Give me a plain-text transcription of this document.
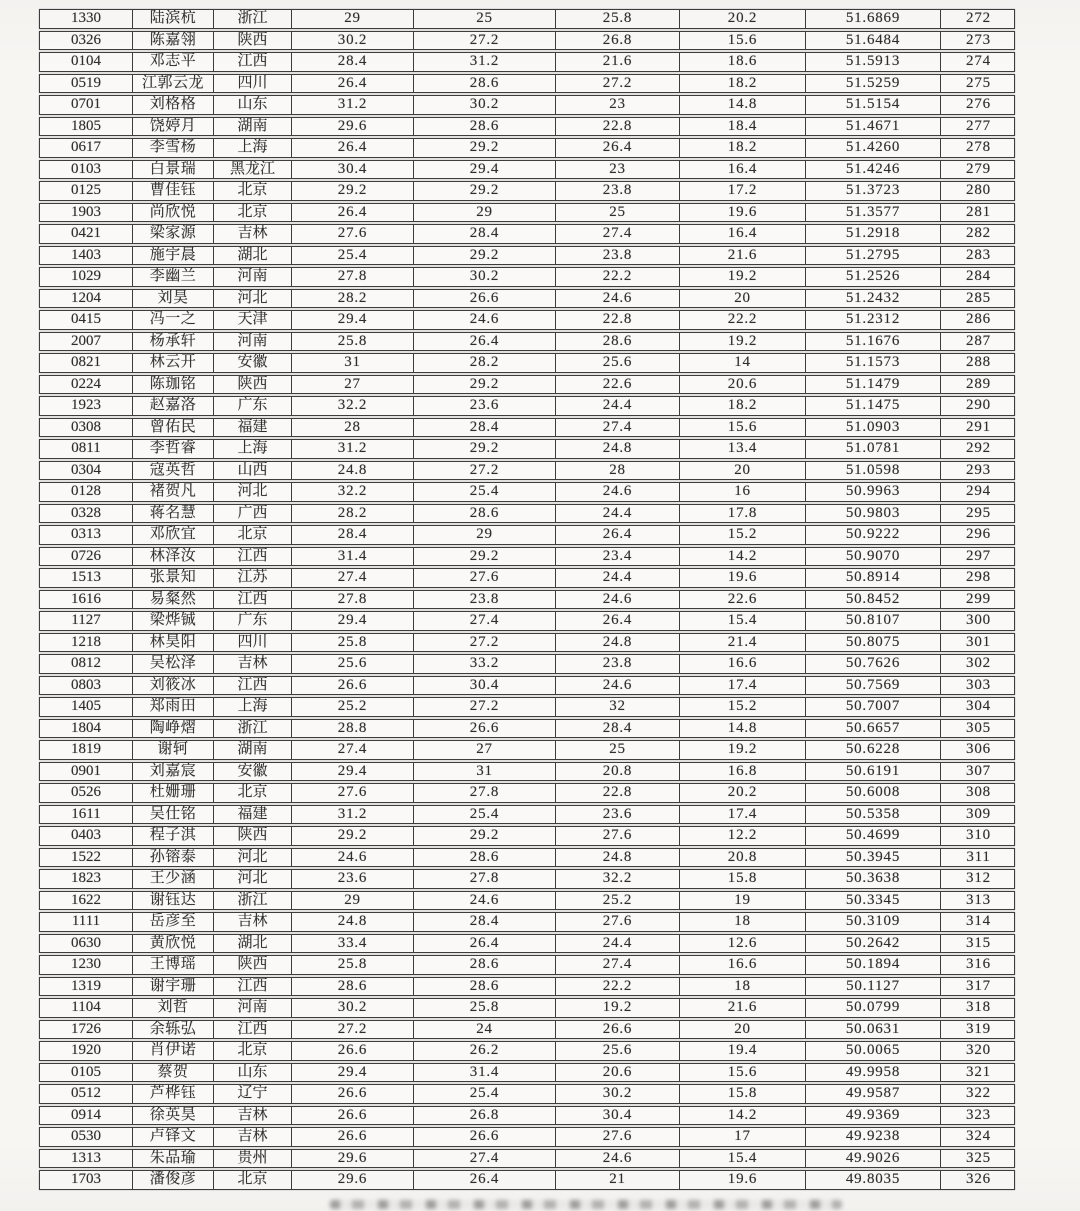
1330	陆滨杭	浙江	29	25	25.8	20.2	51.6869	272
0326	陈嘉翎	陕西	30.2	27.2	26.8	15.6	51.6484	273
0104	邓志平	江西	28.4	31.2	21.6	18.6	51.5913	274
0519	江郭云龙	四川	26.4	28.6	27.2	18.2	51.5259	275
0701	刘格格	山东	31.2	30.2	23	14.8	51.5154	276
1805	饶婷月	湖南	29.6	28.6	22.8	18.4	51.4671	277
0617	李雪杨	上海	26.4	29.2	26.4	18.2	51.4260	278
0103	白景瑞	黑龙江	30.4	29.4	23	16.4	51.4246	279
0125	曹佳钰	北京	29.2	29.2	23.8	17.2	51.3723	280
1903	尚欣悦	北京	26.4	29	25	19.6	51.3577	281
0421	梁家源	吉林	27.6	28.4	27.4	16.4	51.2918	282
1403	施宇晨	湖北	25.4	29.2	23.8	21.6	51.2795	283
1029	李幽兰	河南	27.8	30.2	22.2	19.2	51.2526	284
1204	刘昊	河北	28.2	26.6	24.6	20	51.2432	285
0415	冯一之	天津	29.4	24.6	22.8	22.2	51.2312	286
2007	杨承轩	河南	25.8	26.4	28.6	19.2	51.1676	287
0821	林云开	安徽	31	28.2	25.6	14	51.1573	288
0224	陈珈铭	陕西	27	29.2	22.6	20.6	51.1479	289
1923	赵嘉洛	广东	32.2	23.6	24.4	18.2	51.1475	290
0308	曾佑民	福建	28	28.4	27.4	15.6	51.0903	291
0811	李哲睿	上海	31.2	29.2	24.8	13.4	51.0781	292
0304	寇英哲	山西	24.8	27.2	28	20	51.0598	293
0128	褚贺凡	河北	32.2	25.4	24.6	16	50.9963	294
0328	蒋名慧	广西	28.2	28.6	24.4	17.8	50.9803	295
0313	邓欣宜	北京	28.4	29	26.4	15.2	50.9222	296
0726	林泽汝	江西	31.4	29.2	23.4	14.2	50.9070	297
1513	张景知	江苏	27.4	27.6	24.4	19.6	50.8914	298
1616	易粲然	江西	27.8	23.8	24.6	22.6	50.8452	299
1127	梁烨铖	广东	29.4	27.4	26.4	15.4	50.8107	300
1218	林昊阳	四川	25.8	27.2	24.8	21.4	50.8075	301
0812	吴松泽	吉林	25.6	33.2	23.8	16.6	50.7626	302
0803	刘筱冰	江西	26.6	30.4	24.6	17.4	50.7569	303
1405	郑雨田	上海	25.2	27.2	32	15.2	50.7007	304
1804	陶峥熠	浙江	28.8	26.6	28.4	14.8	50.6657	305
1819	谢轲	湖南	27.4	27	25	19.2	50.6228	306
0901	刘嘉宸	安徽	29.4	31	20.8	16.8	50.6191	307
0526	杜姗珊	北京	27.6	27.8	22.8	20.2	50.6008	308
1611	吴仕铭	福建	31.2	25.4	23.6	17.4	50.5358	309
0403	程子淇	陕西	29.2	29.2	27.6	12.2	50.4699	310
1522	孙镕泰	河北	24.6	28.6	24.8	20.8	50.3945	311
1823	王少涵	河北	23.6	27.8	32.2	15.8	50.3638	312
1622	谢钰达	浙江	29	24.6	25.2	19	50.3345	313
1111	岳彦至	吉林	24.8	28.4	27.6	18	50.3109	314
0630	黄欣悦	湖北	33.4	26.4	24.4	12.6	50.2642	315
1230	王博瑶	陕西	25.8	28.6	27.4	16.6	50.1894	316
1319	谢宇珊	江西	28.6	28.6	22.2	18	50.1127	317
1104	刘哲	河南	30.2	25.8	19.2	21.6	50.0799	318
1726	余轹弘	江西	27.2	24	26.6	20	50.0631	319
1920	肖伊诺	北京	26.6	26.2	25.6	19.4	50.0065	320
0105	蔡贺	山东	29.4	31.4	20.6	15.6	49.9958	321
0512	芦桦钰	辽宁	26.6	25.4	30.2	15.8	49.9587	322
0914	徐英昊	吉林	26.6	26.8	30.4	14.2	49.9369	323
0530	卢铎文	吉林	26.6	26.6	27.6	17	49.9238	324
1313	朱品瑜	贵州	29.6	27.4	24.6	15.4	49.9026	325
1703	潘俊彦	北京	29.6	26.4	21	19.6	49.8035	326
